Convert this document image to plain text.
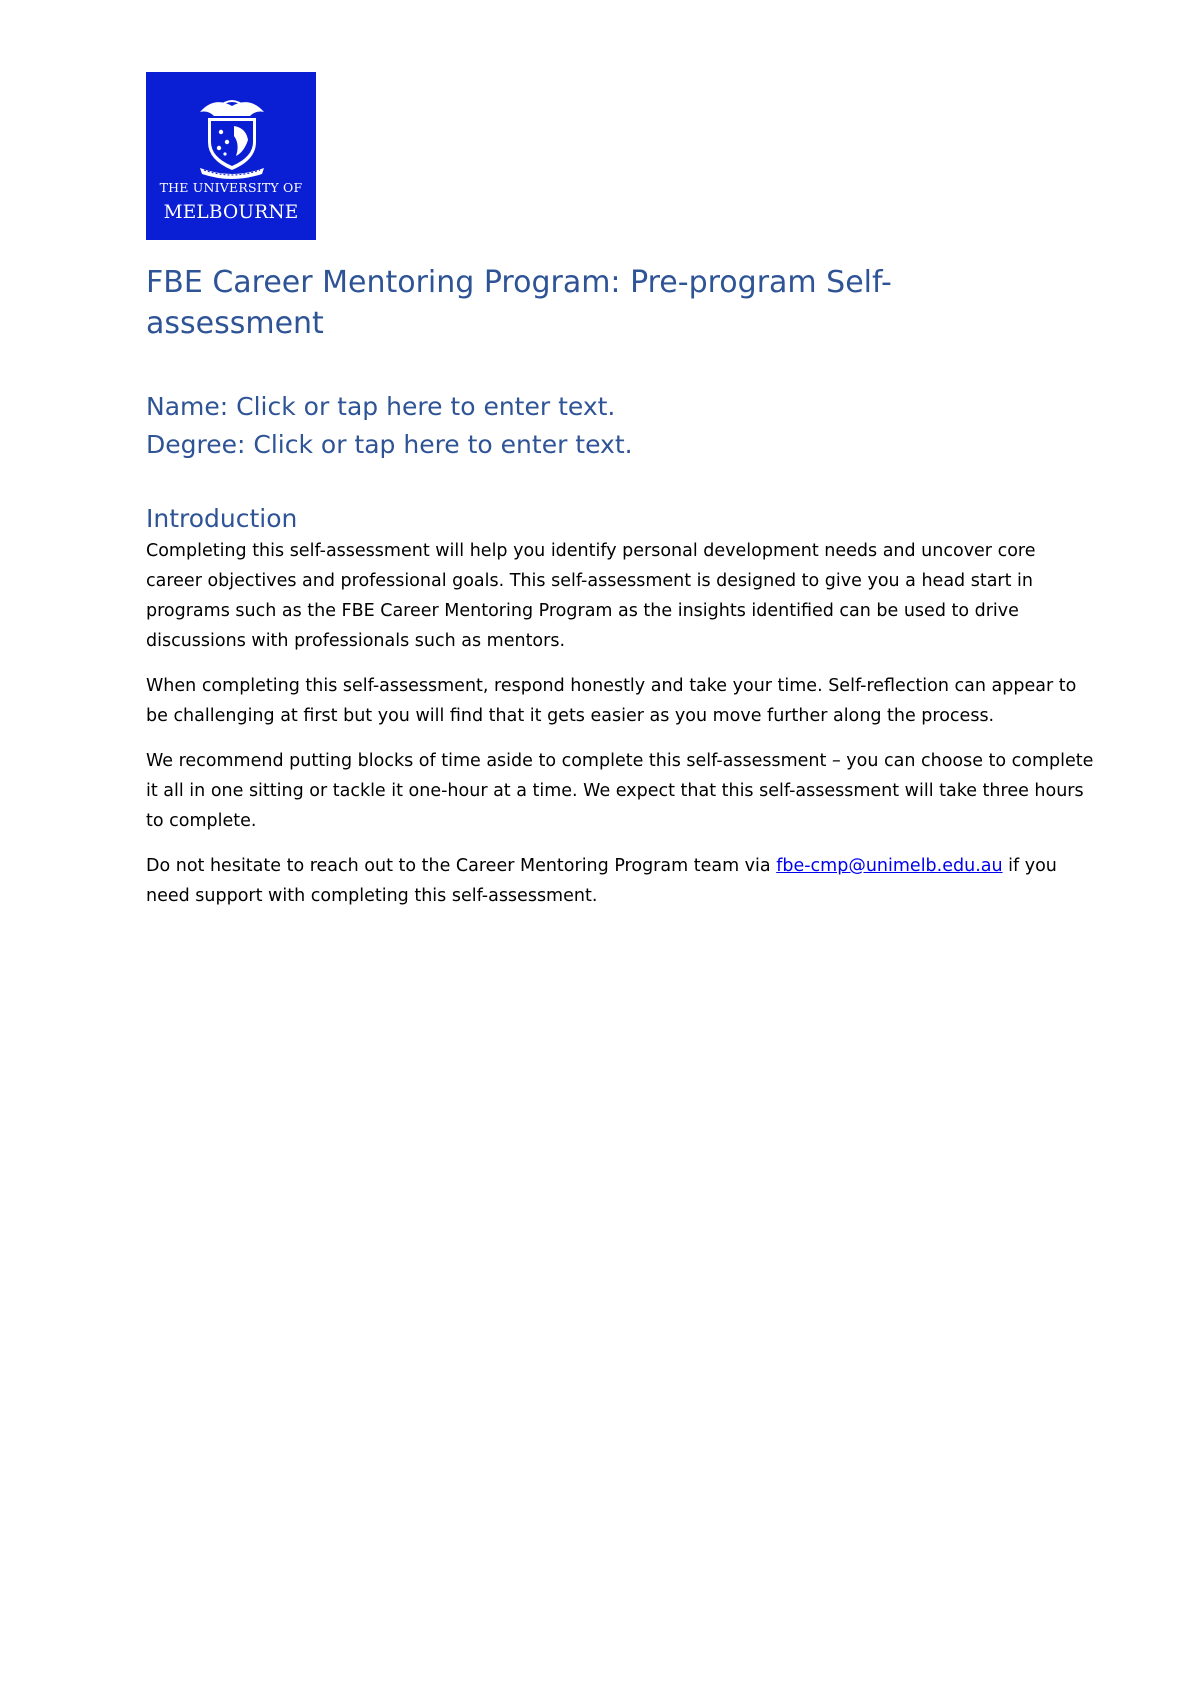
THE UNIVERSITY OF
MELBOURNE
FBE Career Mentoring Program: Pre-program Self-assessment
Name: Click or tap here to enter text.
Degree: Click or tap here to enter text.
Introduction

Completing this self-assessment will help you identify personal development needs and uncover core career objectives and professional goals. This self-assessment is designed to give you a head start in programs such as the FBE Career Mentoring Program as the insights identified can be used to drive discussions with professionals such as mentors.

When completing this self-assessment, respond honestly and take your time. Self-reflection can appear to be challenging at first but you will find that it gets easier as you move further along the process.

We recommend putting blocks of time aside to complete this self-assessment – you can choose to complete it all in one sitting or tackle it one-hour at a time. We expect that this self-assessment will take three hours to complete.

Do not hesitate to reach out to the Career Mentoring Program team via fbe-cmp@unimelb.edu.au if you need support with completing this self-assessment.
